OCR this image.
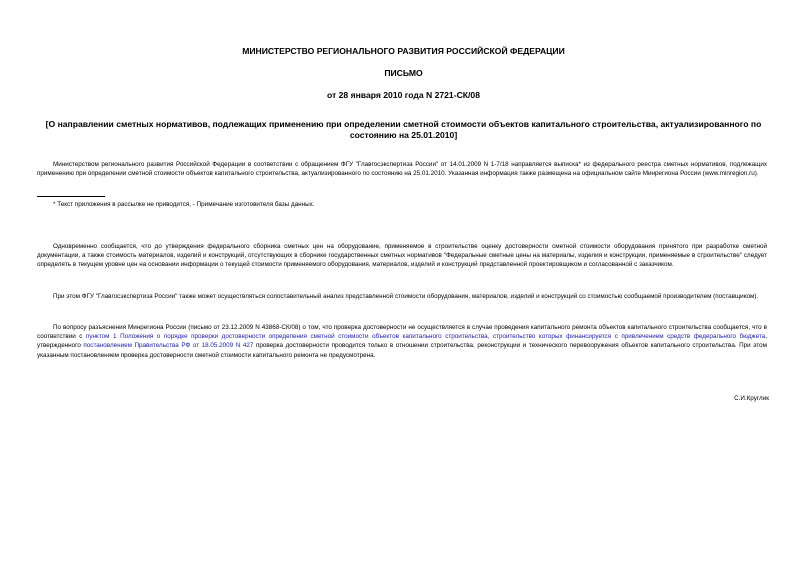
МИНИСТЕРСТВО РЕГИОНАЛЬНОГО РАЗВИТИЯ РОССИЙСКОЙ ФЕДЕРАЦИИ
ПИСЬМО
от 28 января 2010 года N 2721-СК/08
[О направлении сметных нормативов, подлежащих применению при определении сметной стоимости объектов капитального строительства, актуализированного по состоянию на 25.01.2010]

Министерством регионального развития Российской Федерации в соответствии с обращением ФГУ "Главгосэкспертиза России" от 14.01.2009 N 1-7/18 направляется выписка* из федерального реестра сметных нормативов, подлежащих применению при определении сметной стоимости объектов капитального строительства, актуализированного по состоянию на 25.01.2010. Указанная информация также размещена на официальном сайте Минрегиона России (www.minregion.ru).

* Текст приложения в рассылке не приводится, - Примечание изготовителя базы данных.

Одновременно сообщается, что до утверждения федерального сборника сметных цен на оборудование, применяемое в строительстве оценку достоверности сметной стоимости оборудования принятого при разработке сметной документации, а также стоимость материалов, изделий и конструкций, отсутствующих в сборнике государственных сметных нормативов "Федеральные сметные цены на материалы, изделия и конструкции, применяемые в строительстве" следует определять в текущем уровне цен на основании информации о текущей стоимости применяемого оборудования, материалов, изделий и конструкций представленной проектировщиком и согласованной с заказчиком.

При этом ФГУ "Главгосэкспертиза России" также может осуществляться сопоставительный анализ представленной стоимости оборудования, материалов, изделий и конструкций со стоимостью сообщаемой производителем (поставщиком).

По вопросу разъяснения Минрегиона России (письмо от 23.12.2009 N 43868-СК/08) о том, что проверка достоверности не осуществляется в случае проведения капитального ремонта объектов капитального строительства сообщается, что в соответствии с пунктом 1 Положения о порядке проверки достоверности определения сметной стоимости объектов капитального строительства, строительство которых финансируется с привлечением средств федерального бюджета, утвержденного постановлением Правительства РФ от 18.05.2009 N 427 проверка достоверности проводится только в отношении строительства, реконструкции и технического перевооружения объектов капитального строительства. При этом указанным постановлением проверка достоверности сметной стоимости капитального ремонта не предусмотрена.

С.И.Круглик
